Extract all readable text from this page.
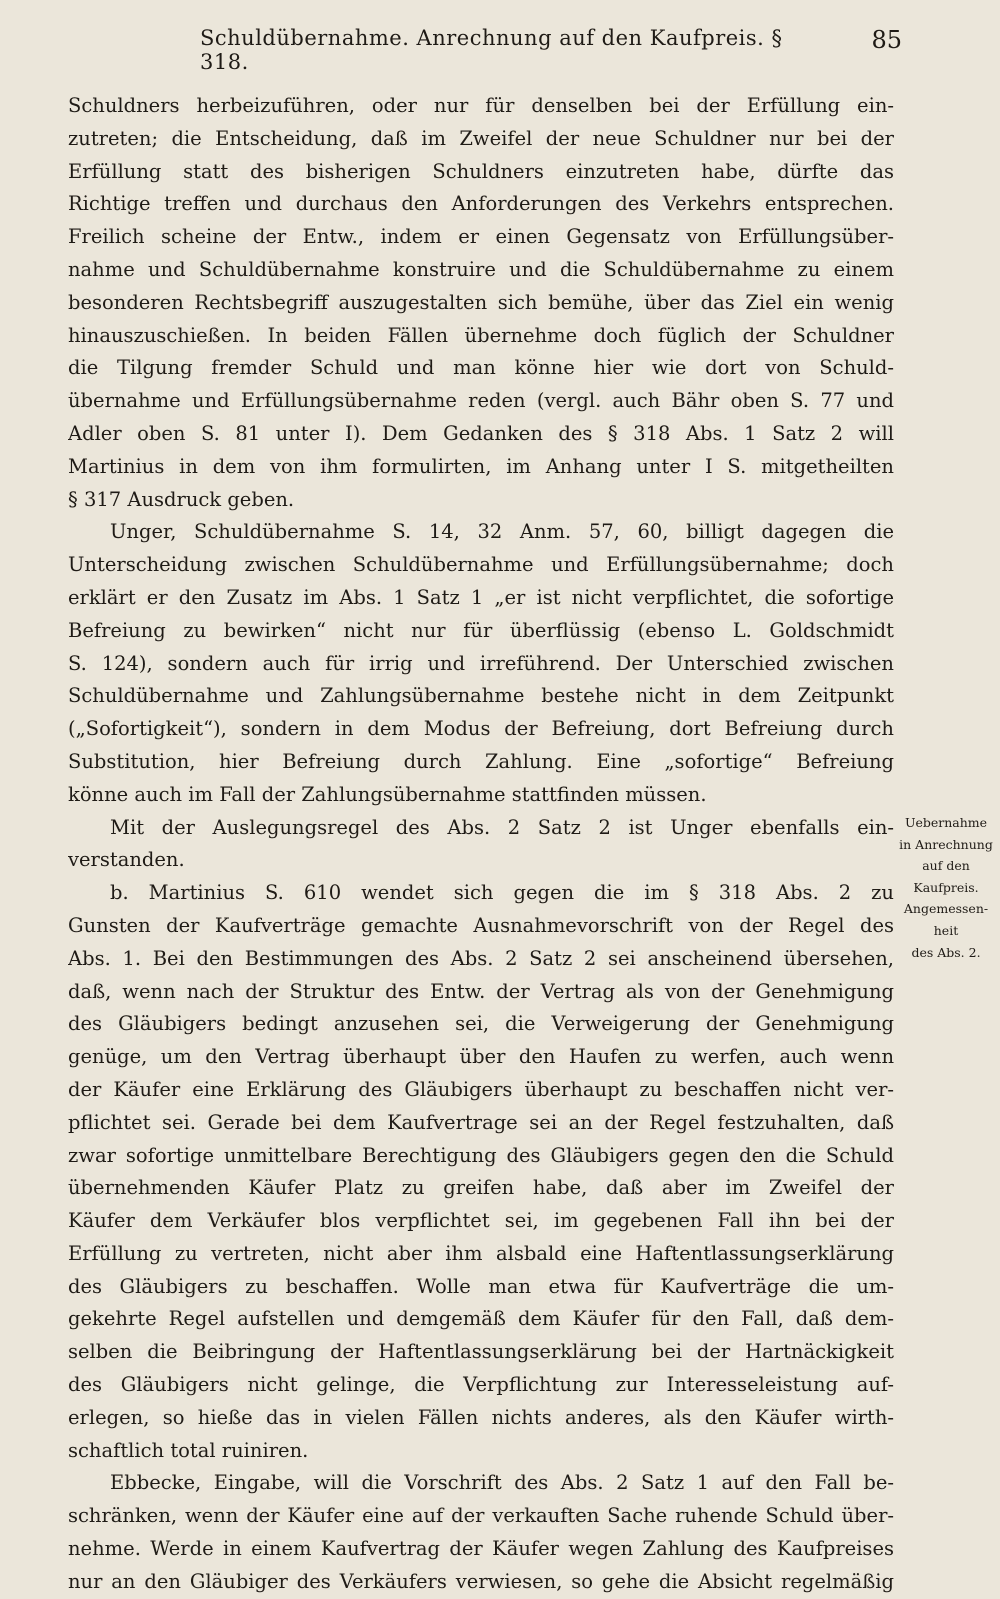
Schuldübernahme. Anrechnung auf den Kaufpreis. § 318.
85
Schuldners herbeizuführen, oder nur für denselben bei der Erfüllung ein-
zutreten; die Entscheidung, daß im Zweifel der neue Schuldner nur bei der
Erfüllung statt des bisherigen Schuldners einzutreten habe, dürfte das
Richtige treffen und durchaus den Anforderungen des Verkehrs entsprechen.
Freilich scheine der Entw., indem er einen Gegensatz von Erfüllungsüber-
nahme und Schuldübernahme konstruire und die Schuldübernahme zu einem
besonderen Rechtsbegriff auszugestalten sich bemühe, über das Ziel ein wenig
hinauszuschießen. In beiden Fällen übernehme doch füglich der Schuldner
die Tilgung fremder Schuld und man könne hier wie dort von Schuld-
übernahme und Erfüllungsübernahme reden (vergl. auch Bähr oben S. 77 und
Adler oben S. 81 unter I). Dem Gedanken des § 318 Abs. 1 Satz 2 will
Martinius in dem von ihm formulirten, im Anhang unter I S. mitgetheilten
§ 317 Ausdruck geben.
Unger, Schuldübernahme S. 14, 32 Anm. 57, 60, billigt dagegen die
Unterscheidung zwischen Schuldübernahme und Erfüllungsübernahme; doch
erklärt er den Zusatz im Abs. 1 Satz 1 „er ist nicht verpflichtet, die sofortige
Befreiung zu bewirken“ nicht nur für überflüssig (ebenso L. Goldschmidt
S. 124), sondern auch für irrig und irreführend. Der Unterschied zwischen
Schuldübernahme und Zahlungsübernahme bestehe nicht in dem Zeitpunkt
(„Sofortigkeit“), sondern in dem Modus der Befreiung, dort Befreiung durch
Substitution, hier Befreiung durch Zahlung. Eine „sofortige“ Befreiung
könne auch im Fall der Zahlungsübernahme stattfinden müssen.
Mit der Auslegungsregel des Abs. 2 Satz 2 ist Unger ebenfalls ein-
verstanden.
b. Martinius S. 610 wendet sich gegen die im § 318 Abs. 2 zu
Gunsten der Kaufverträge gemachte Ausnahmevorschrift von der Regel des
Abs. 1. Bei den Bestimmungen des Abs. 2 Satz 2 sei anscheinend übersehen,
daß, wenn nach der Struktur des Entw. der Vertrag als von der Genehmigung
des Gläubigers bedingt anzusehen sei, die Verweigerung der Genehmigung
genüge, um den Vertrag überhaupt über den Haufen zu werfen, auch wenn
der Käufer eine Erklärung des Gläubigers überhaupt zu beschaffen nicht ver-
pflichtet sei. Gerade bei dem Kaufvertrage sei an der Regel festzuhalten, daß
zwar sofortige unmittelbare Berechtigung des Gläubigers gegen den die Schuld
übernehmenden Käufer Platz zu greifen habe, daß aber im Zweifel der
Käufer dem Verkäufer blos verpflichtet sei, im gegebenen Fall ihn bei der
Erfüllung zu vertreten, nicht aber ihm alsbald eine Haftentlassungserklärung
des Gläubigers zu beschaffen. Wolle man etwa für Kaufverträge die um-
gekehrte Regel aufstellen und demgemäß dem Käufer für den Fall, daß dem-
selben die Beibringung der Haftentlassungserklärung bei der Hartnäckigkeit
des Gläubigers nicht gelinge, die Verpflichtung zur Interesseleistung auf-
erlegen, so hieße das in vielen Fällen nichts anderes, als den Käufer wirth-
schaftlich total ruiniren.
Ebbecke, Eingabe, will die Vorschrift des Abs. 2 Satz 1 auf den Fall be-
schränken, wenn der Käufer eine auf der verkauften Sache ruhende Schuld über-
nehme. Werde in einem Kaufvertrag der Käufer wegen Zahlung des Kaufpreises
nur an den Gläubiger des Verkäufers verwiesen, so gehe die Absicht regelmäßig
Uebernahme
in Anrechnung
auf den
Kaufpreis.
Angemessen-
heit
des Abs. 2.
